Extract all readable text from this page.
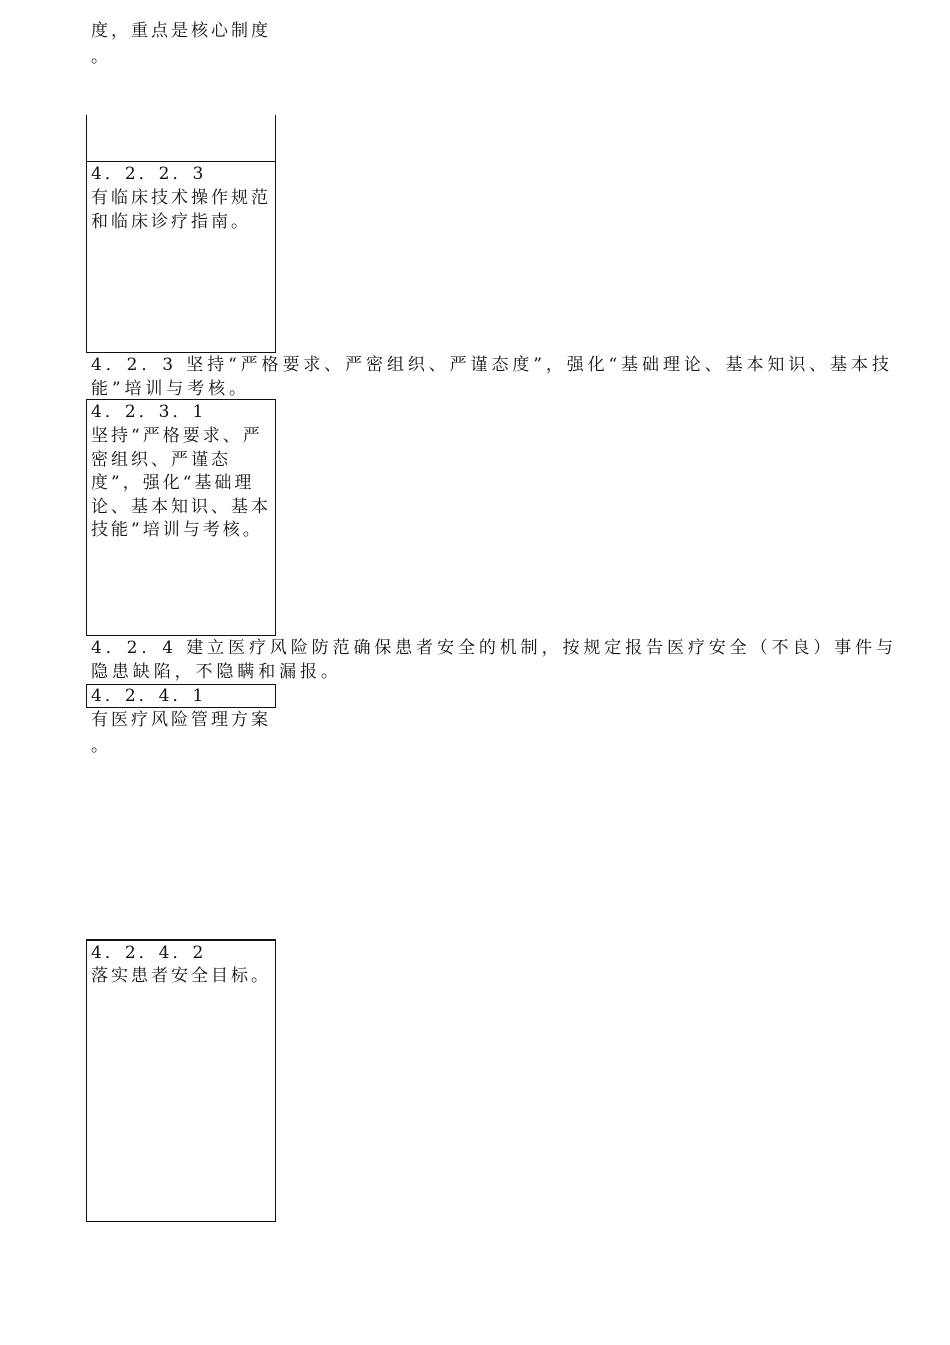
度，重点是核心制度
。
4．2．2．3
有临床技术操作规范和临床诊疗指南。
4．2．3 坚持“严格要求、严密组织、严谨态度”，强化“基础理论、基本知识、基本技能”培训与考核。
4．2．3．1
坚持“严格要求、严密组织、严谨态度”，强化“基础理论、基本知识、基本技能”培训与考核。
4．2．4 建立医疗风险防范确保患者安全的机制，按规定报告医疗安全（不良）事件与隐患缺陷，不隐瞒和漏报。
4．2．4．1
有医疗风险管理方案
。
4．2．4．2
落实患者安全目标。
